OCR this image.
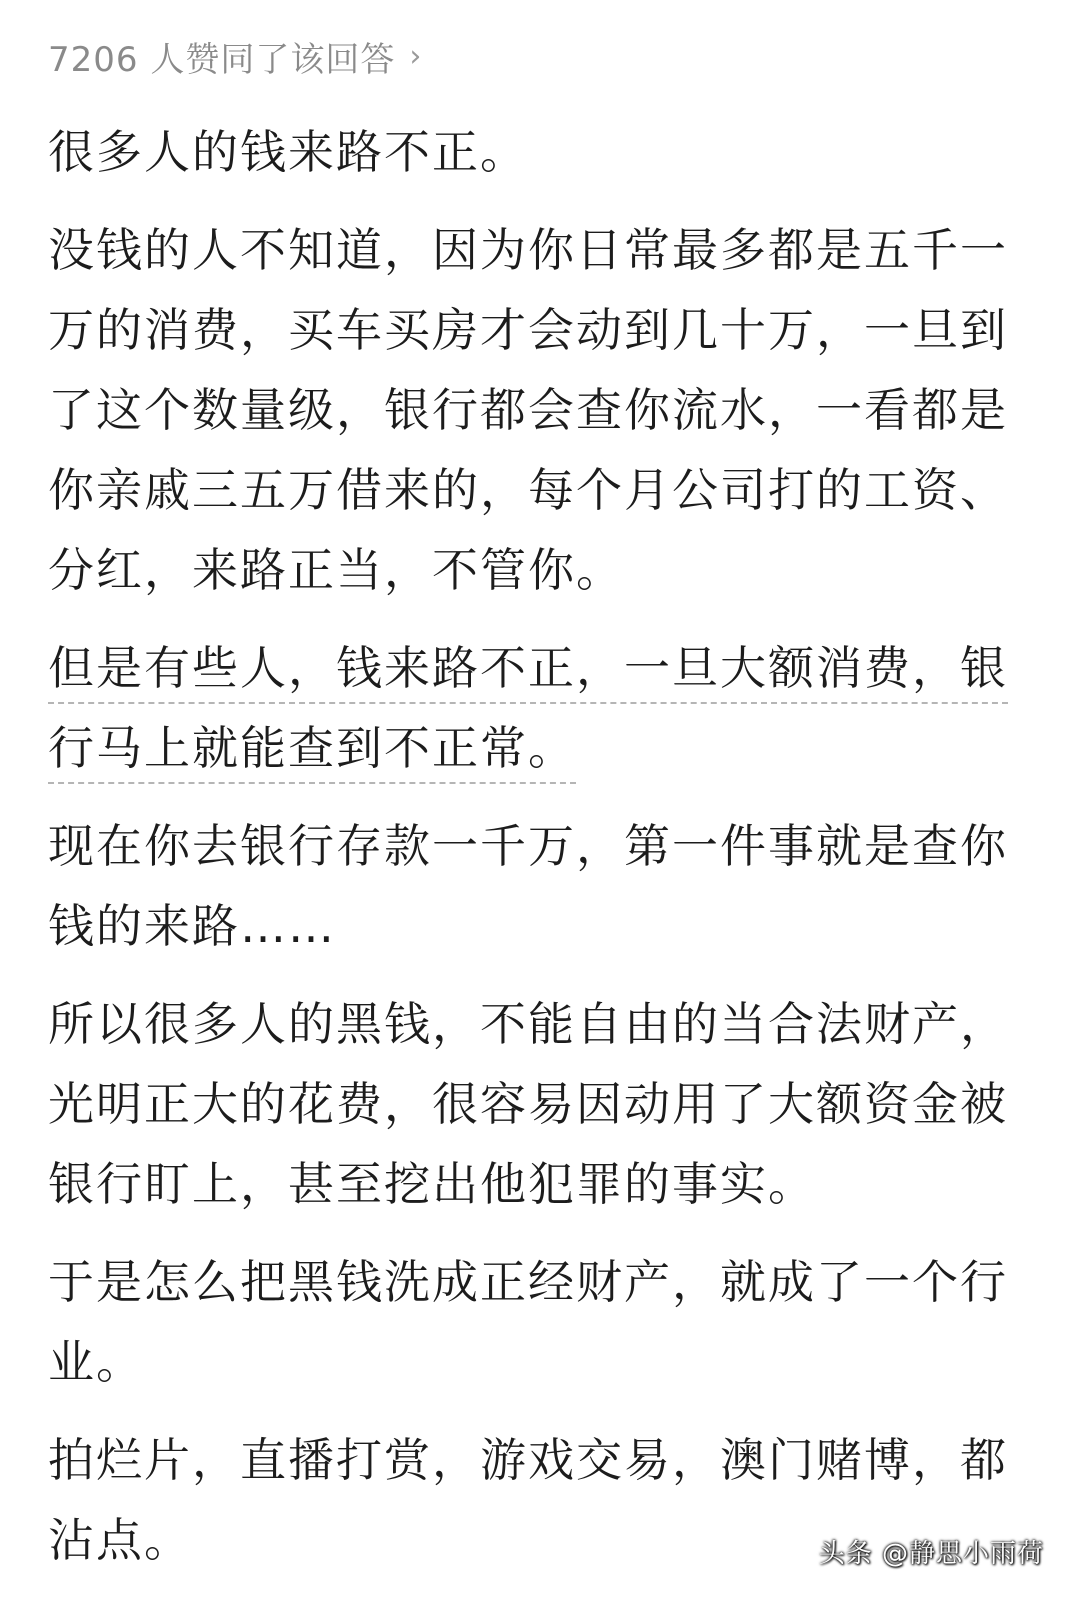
7206 人赞同了该回答 ›

很多人的钱来路不正。

没钱的人不知道，因为你日常最多都是五千一万的消费，买车买房才会动到几十万，一旦到了这个数量级，银行都会查你流水，一看都是你亲戚三五万借来的，每个月公司打的工资、分红，来路正当，不管你。

但是有些人，钱来路不正，一旦大额消费，银行马上就能查到不正常。

现在你去银行存款一千万，第一件事就是查你钱的来路……

所以很多人的黑钱，不能自由的当合法财产，光明正大的花费，很容易因动用了大额资金被银行盯上，甚至挖出他犯罪的事实。

于是怎么把黑钱洗成正经财产，就成了一个行业。

拍烂片，直播打赏，游戏交易，澳门赌博，都沾点。	头条 @静思小雨荷
